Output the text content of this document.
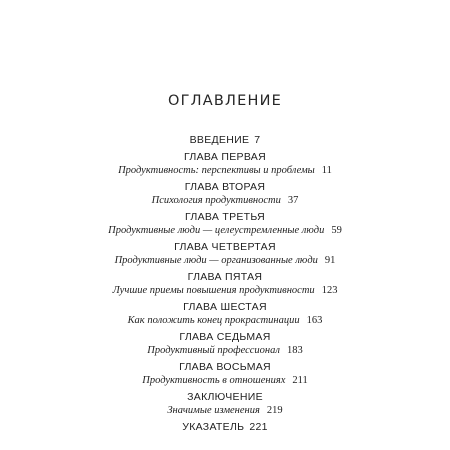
ОГЛАВЛЕНИЕ
ВВЕДЕНИЕ 7
ГЛАВА ПЕРВАЯ
Продуктивность: перспективы и проблемы 11
ГЛАВА ВТОРАЯ
Психология продуктивности 37
ГЛАВА ТРЕТЬЯ
Продуктивные люди — целеустремленные люди 59
ГЛАВА ЧЕТВЕРТАЯ
Продуктивные люди — организованные люди 91
ГЛАВА ПЯТАЯ
Лучшие приемы повышения продуктивности 123
ГЛАВА ШЕСТАЯ
Как положить конец прокрастинации 163
ГЛАВА СЕДЬМАЯ
Продуктивный профессионал 183
ГЛАВА ВОСЬМАЯ
Продуктивность в отношениях 211
ЗАКЛЮЧЕНИЕ
Значимые изменения 219
УКАЗАТЕЛЬ 221
